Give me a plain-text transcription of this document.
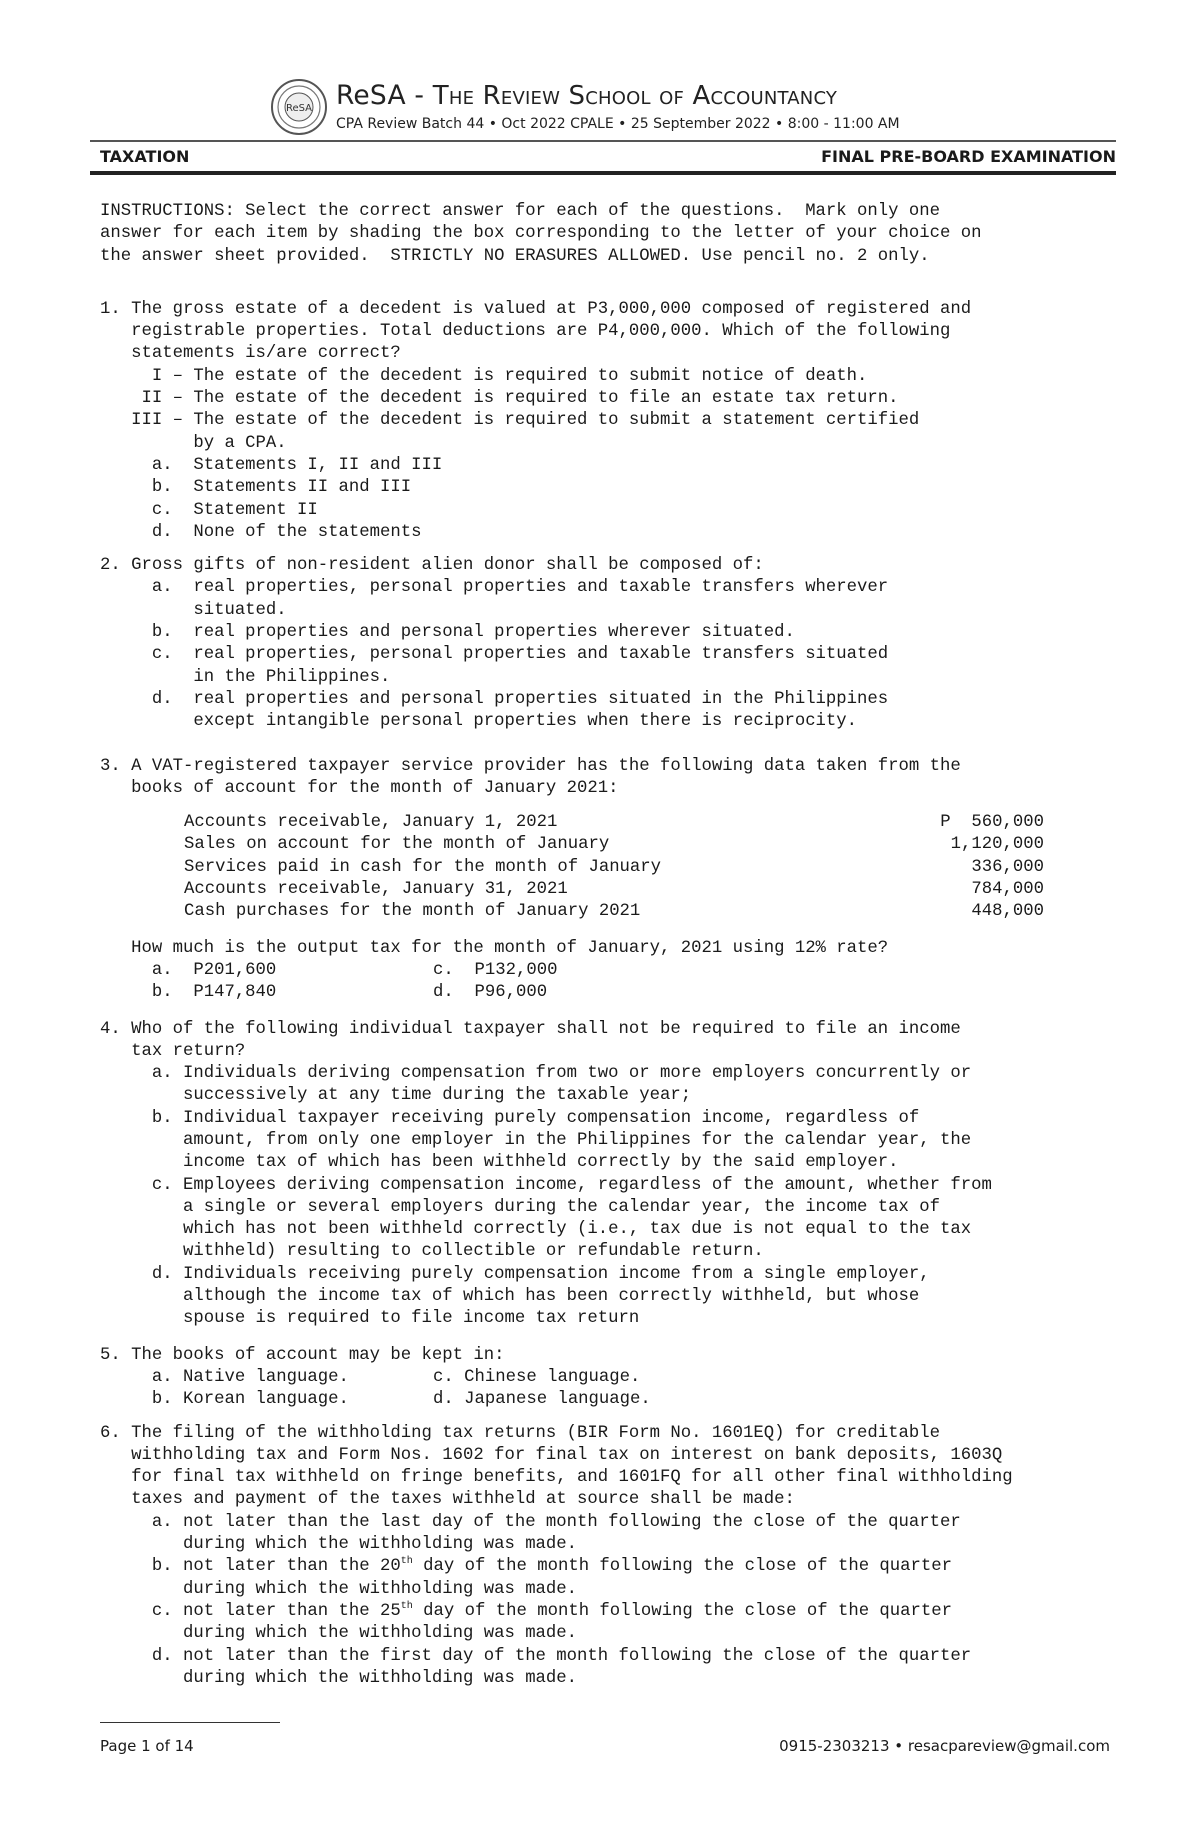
ReSA ReSA - The Review School of Accountancy
CPA Review Batch 44 • Oct 2022 CPALE • 25 September 2022 • 8:00 - 11:00 AM
TAXATION	FINAL PRE-BOARD EXAMINATION

INSTRUCTIONS: Select the correct answer for each of the questions.  Mark only one

answer for each item by shading the box corresponding to the letter of your choice on

the answer sheet provided.  STRICTLY NO ERASURES ALLOWED. Use pencil no. 2 only.

1. The gross estate of a decedent is valued at P3,000,000 composed of registered and

registrable properties. Total deductions are P4,000,000. Which of the following

statements is/are correct?

I – The estate of the decedent is required to submit notice of death.

II – The estate of the decedent is required to file an estate tax return.

III – The estate of the decedent is required to submit a statement certified

by a CPA.

a.  Statements I, II and III

b.  Statements II and III

c.  Statement II

d.  None of the statements

2. Gross gifts of non-resident alien donor shall be composed of:

a.  real properties, personal properties and taxable transfers wherever

situated.

b.  real properties and personal properties wherever situated.

c.  real properties, personal properties and taxable transfers situated

in the Philippines.

d.  real properties and personal properties situated in the Philippines

except intangible personal properties when there is reciprocity.

3. A VAT-registered taxpayer service provider has the following data taken from the

books of account for the month of January 2021:

Accounts receivable, January 1, 2021	P  560,000
Sales on account for the month of January	1,120,000
Services paid in cash for the month of January	336,000
Accounts receivable, January 31, 2021	784,000
Cash purchases for the month of January 2021	448,000

How much is the output tax for the month of January, 2021 using 12% rate?

a.  P201,600	c.  P132,000
b.  P147,840	d.  P96,000

4. Who of the following individual taxpayer shall not be required to file an income

tax return?

a. Individuals deriving compensation from two or more employers concurrently or

successively at any time during the taxable year;

b. Individual taxpayer receiving purely compensation income, regardless of

amount, from only one employer in the Philippines for the calendar year, the

income tax of which has been withheld correctly by the said employer.

c. Employees deriving compensation income, regardless of the amount, whether from

a single or several employers during the calendar year, the income tax of

which has not been withheld correctly (i.e., tax due is not equal to the tax

withheld) resulting to collectible or refundable return.

d. Individuals receiving purely compensation income from a single employer,

although the income tax of which has been correctly withheld, but whose

spouse is required to file income tax return

5. The books of account may be kept in:

a. Native language.	c. Chinese language.
b. Korean language.	d. Japanese language.

6. The filing of the withholding tax returns (BIR Form No. 1601EQ) for creditable

withholding tax and Form Nos. 1602 for final tax on interest on bank deposits, 1603Q

for final tax withheld on fringe benefits, and 1601FQ for all other final withholding

taxes and payment of the taxes withheld at source shall be made:

a. not later than the last day of the month following the close of the quarter

during which the withholding was made.

b. not later than the 20th day of the month following the close of the quarter

during which the withholding was made.

c. not later than the 25th day of the month following the close of the quarter

during which the withholding was made.

d. not later than the first day of the month following the close of the quarter

during which the withholding was made.

Page 1 of 14	0915-2303213 • resacpareview@gmail.com
